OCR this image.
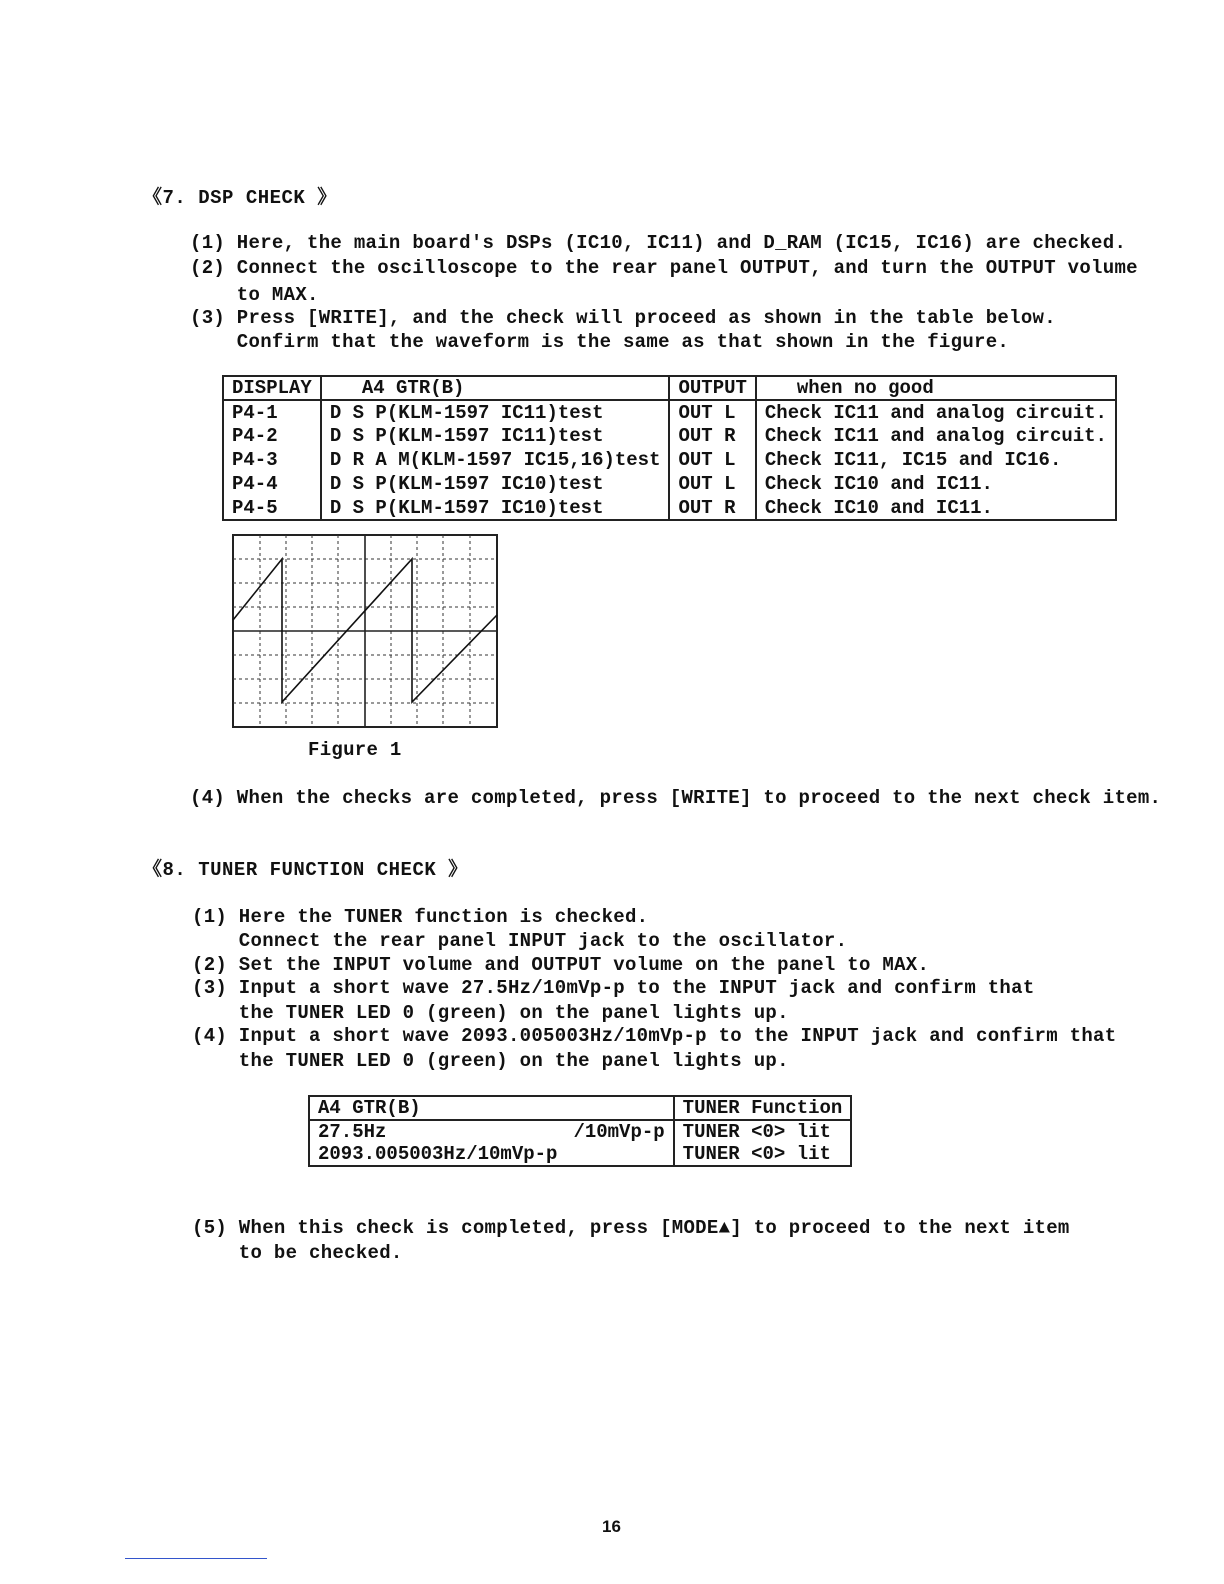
《7. DSP CHECK 》
(1) Here, the main board's DSPs (IC10, IC11) and D_RAM (IC15, IC16) are checked.
(2) Connect the oscilloscope to the rear panel OUTPUT, and turn the OUTPUT volume
to MAX.
(3) Press [WRITE], and the check will proceed as shown in the table below.
Confirm that the waveform is the same as that shown in the figure.
DISPLAY	A4 GTR(B)	OUTPUT	when no good
P4-1	D S P(KLM-1597 IC11)test	OUT L	Check IC11 and analog circuit.
P4-2	D S P(KLM-1597 IC11)test	OUT R	Check IC11 and analog circuit.
P4-3	D R A M(KLM-1597 IC15,16)test	OUT L	Check IC11, IC15 and IC16.
P4-4	D S P(KLM-1597 IC10)test	OUT L	Check IC10 and IC11.
P4-5	D S P(KLM-1597 IC10)test	OUT R	Check IC10 and IC11.
Figure 1
(4) When the checks are completed, press [WRITE] to proceed to the next check item.
《8. TUNER FUNCTION CHECK 》
(1) Here the TUNER function is checked.
Connect the rear panel INPUT jack to the oscillator.
(2) Set the INPUT volume and OUTPUT volume on the panel to MAX.
(3) Input a short wave 27.5Hz/10mVp-p to the INPUT jack and confirm that
the TUNER LED 0 (green) on the panel lights up.
(4) Input a short wave 2093.005003Hz/10mVp-p to the INPUT jack and confirm that
the TUNER LED 0 (green) on the panel lights up.
A4 GTR(B)		TUNER Function
27.5Hz	/10mVp-p	TUNER <0> lit
2093.005003Hz/10mVp-p		TUNER <0> lit
(5) When this check is completed, press [MODE▲] to proceed to the next item
to be checked.
16
